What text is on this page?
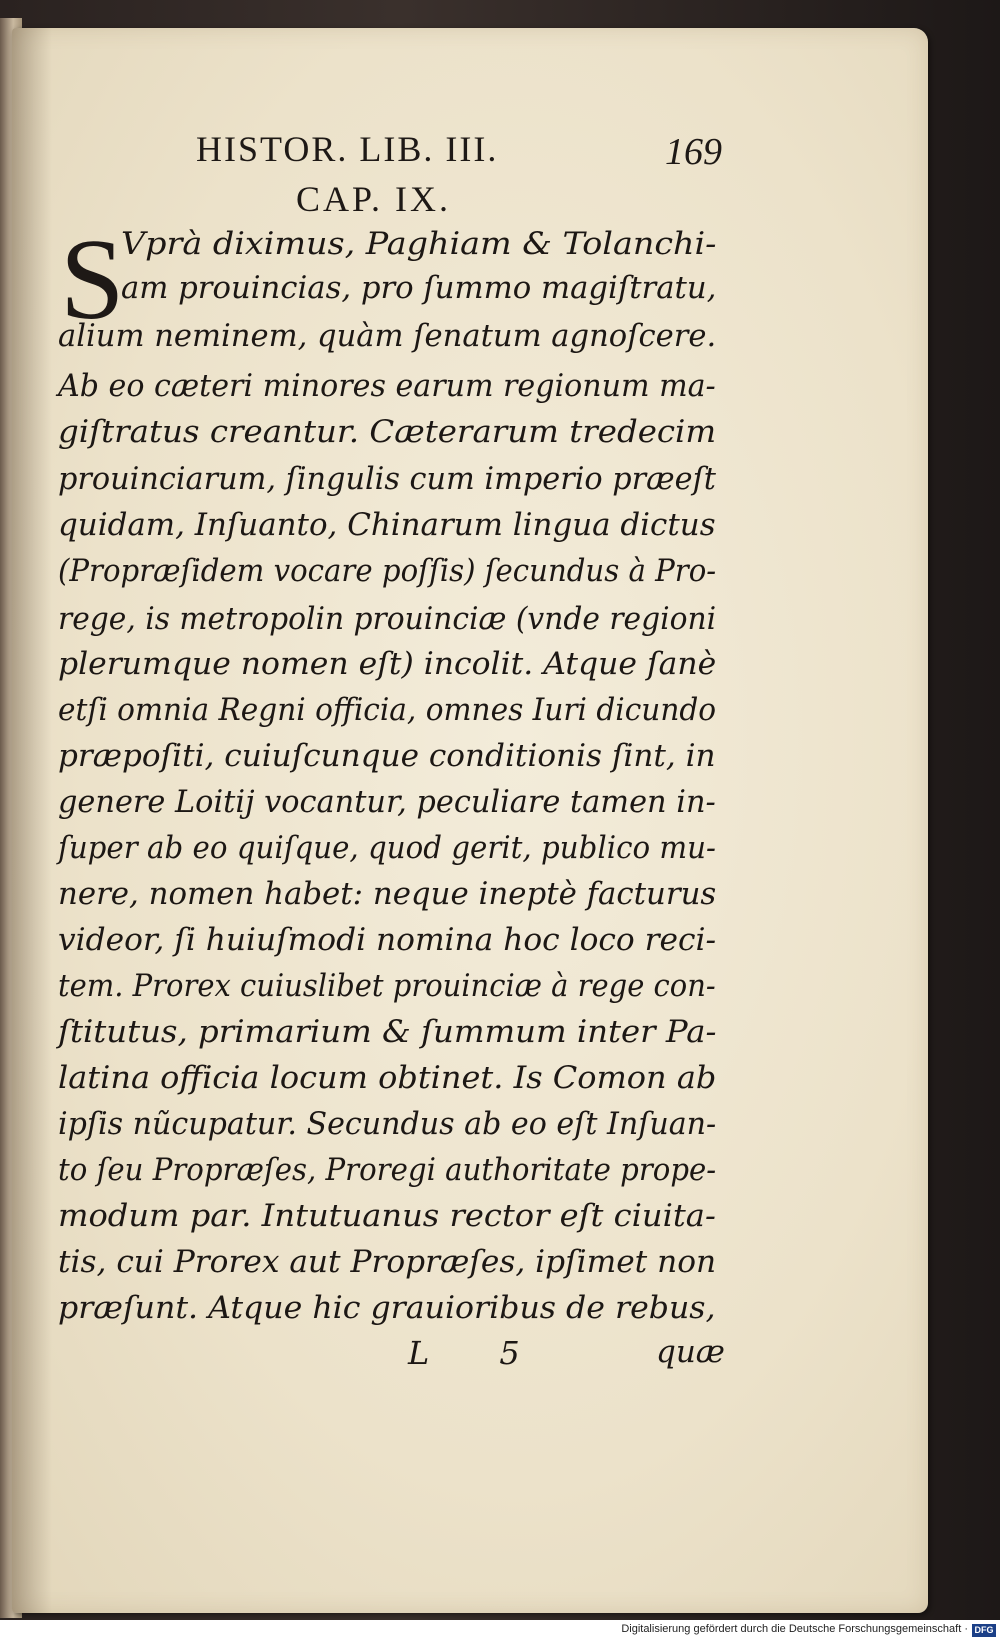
HISTOR. LIB. III.	169
CAP. IX.
S
Vprà diximus, Paghiam & Tolanchi-
am prouincias, pro ſummo magiſtratu,
alium neminem, quàm ſenatum agnoſcere.
Ab eo cæteri minores earum regionum ma-
giſtratus creantur. Cæterarum tredecim
prouinciarum, ſingulis cum imperio præeſt
quidam, Inſuanto, Chinarum lingua dictus
(Propræſidem vocare poſſis) ſecundus à Pro-
rege, is metropolin prouinciæ (vnde regioni
plerumque nomen eſt) incolit. Atque ſanè
etſi omnia Regni officia, omnes Iuri dicundo
præpoſiti, cuiuſcunque conditionis ſint, in
genere Loitij vocantur, peculiare tamen in-
ſuper ab eo quiſque, quod gerit, publico mu-
nere, nomen habet: neque ineptè facturus
videor, ſi huiuſmodi nomina hoc loco reci-
tem. Prorex cuiuslibet prouinciæ à rege con-
ſtitutus, primarium & ſummum inter Pa-
latina officia locum obtinet. Is Comon ab
ipſis nũcupatur. Secundus ab eo eſt Inſuan-
to ſeu Propræſes, Proregi authoritate prope-
modum par. Intutuanus rector eſt ciuita-
tis, cui Prorex aut Propræſes, ipſimet non
præſunt. Atque hic grauioribus de rebus,
L 5	quæ
Digitalisierung gefördert durch die Deutsche Forschungsgemeinschaft · DFG
